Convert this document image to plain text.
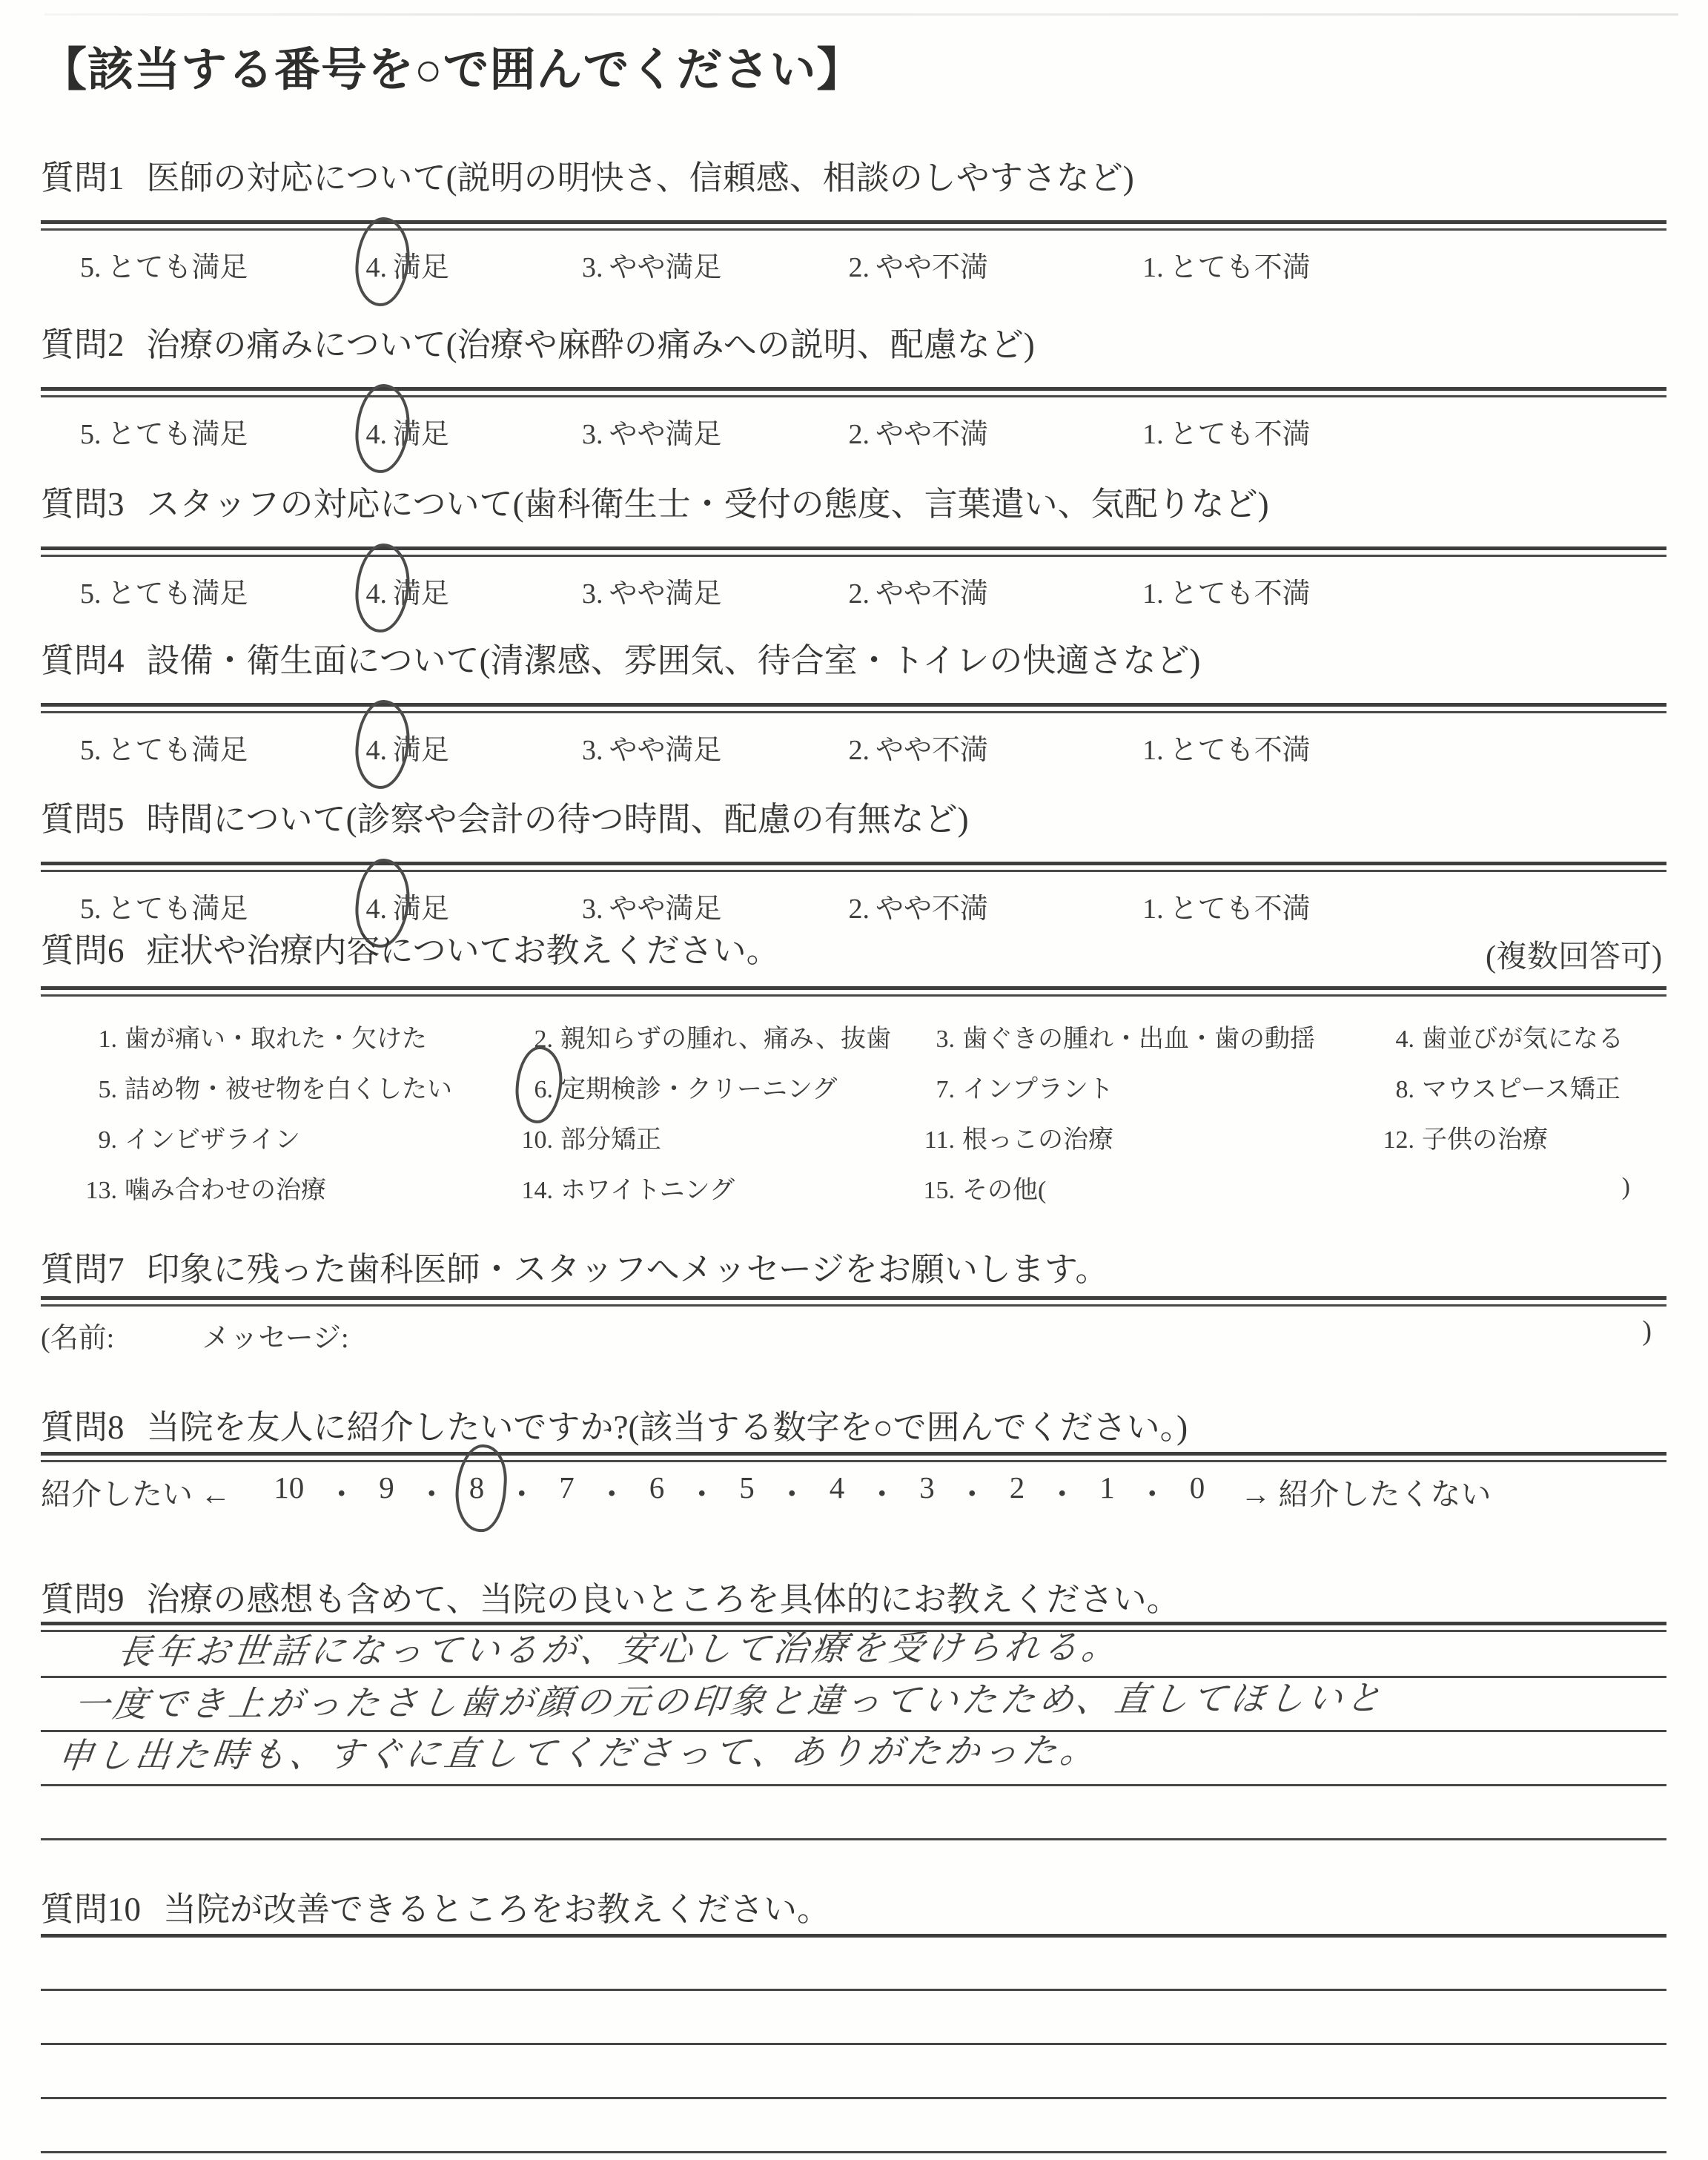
【該当する番号を○で囲んでください】
質問1 医師の対応について(説明の明快さ、信頼感、相談のしやすさなど)
5. とても満足	4. 満足	3. やや満足	2. やや不満	1. とても不満
質問2 治療の痛みについて(治療や麻酔の痛みへの説明、配慮など)
5. とても満足	4. 満足	3. やや満足	2. やや不満	1. とても不満
質問3 スタッフの対応について(歯科衛生士・受付の態度、言葉遣い、気配りなど)
5. とても満足	4. 満足	3. やや満足	2. やや不満	1. とても不満
質問4 設備・衛生面について(清潔感、雰囲気、待合室・トイレの快適さなど)
5. とても満足	4. 満足	3. やや満足	2. やや不満	1. とても不満
質問5 時間について(診察や会計の待つ時間、配慮の有無など)
5. とても満足	4. 満足	3. やや満足	2. やや不満	1. とても不満
質問6 症状や治療内容についてお教えください。	(複数回答可)
1. 歯が痛い・取れた・欠けた	2. 親知らずの腫れ、痛み、抜歯	3. 歯ぐきの腫れ・出血・歯の動揺	4. 歯並びが気になる
5. 詰め物・被せ物を白くしたい	6. 定期検診・クリーニング	7. インプラント	8. マウスピース矯正
9. インビザライン	10. 部分矯正	11. 根っこの治療	12. 子供の治療
13. 噛み合わせの治療	14. ホワイトニング	15. その他(	)
質問7 印象に残った歯科医師・スタッフへメッセージをお願いします。
(名前:	メッセージ:	)
質問8 当院を友人に紹介したいですか?(該当する数字を○で囲んでください。)
紹介したい ← 10 ・ 9 ・ 8 ・ 7 ・ 6 ・ 5 ・ 4 ・ 3 ・ 2 ・ 1 ・ 0 → 紹介したくない
質問9 治療の感想も含めて、当院の良いところを具体的にお教えください。
長年お世話になっているが、安心して治療を受けられる。
一度でき上がったさし歯が顔の元の印象と違っていたため、直してほしいと
申し出た時も、すぐに直してくださって、ありがたかった。
質問10 当院が改善できるところをお教えください。
